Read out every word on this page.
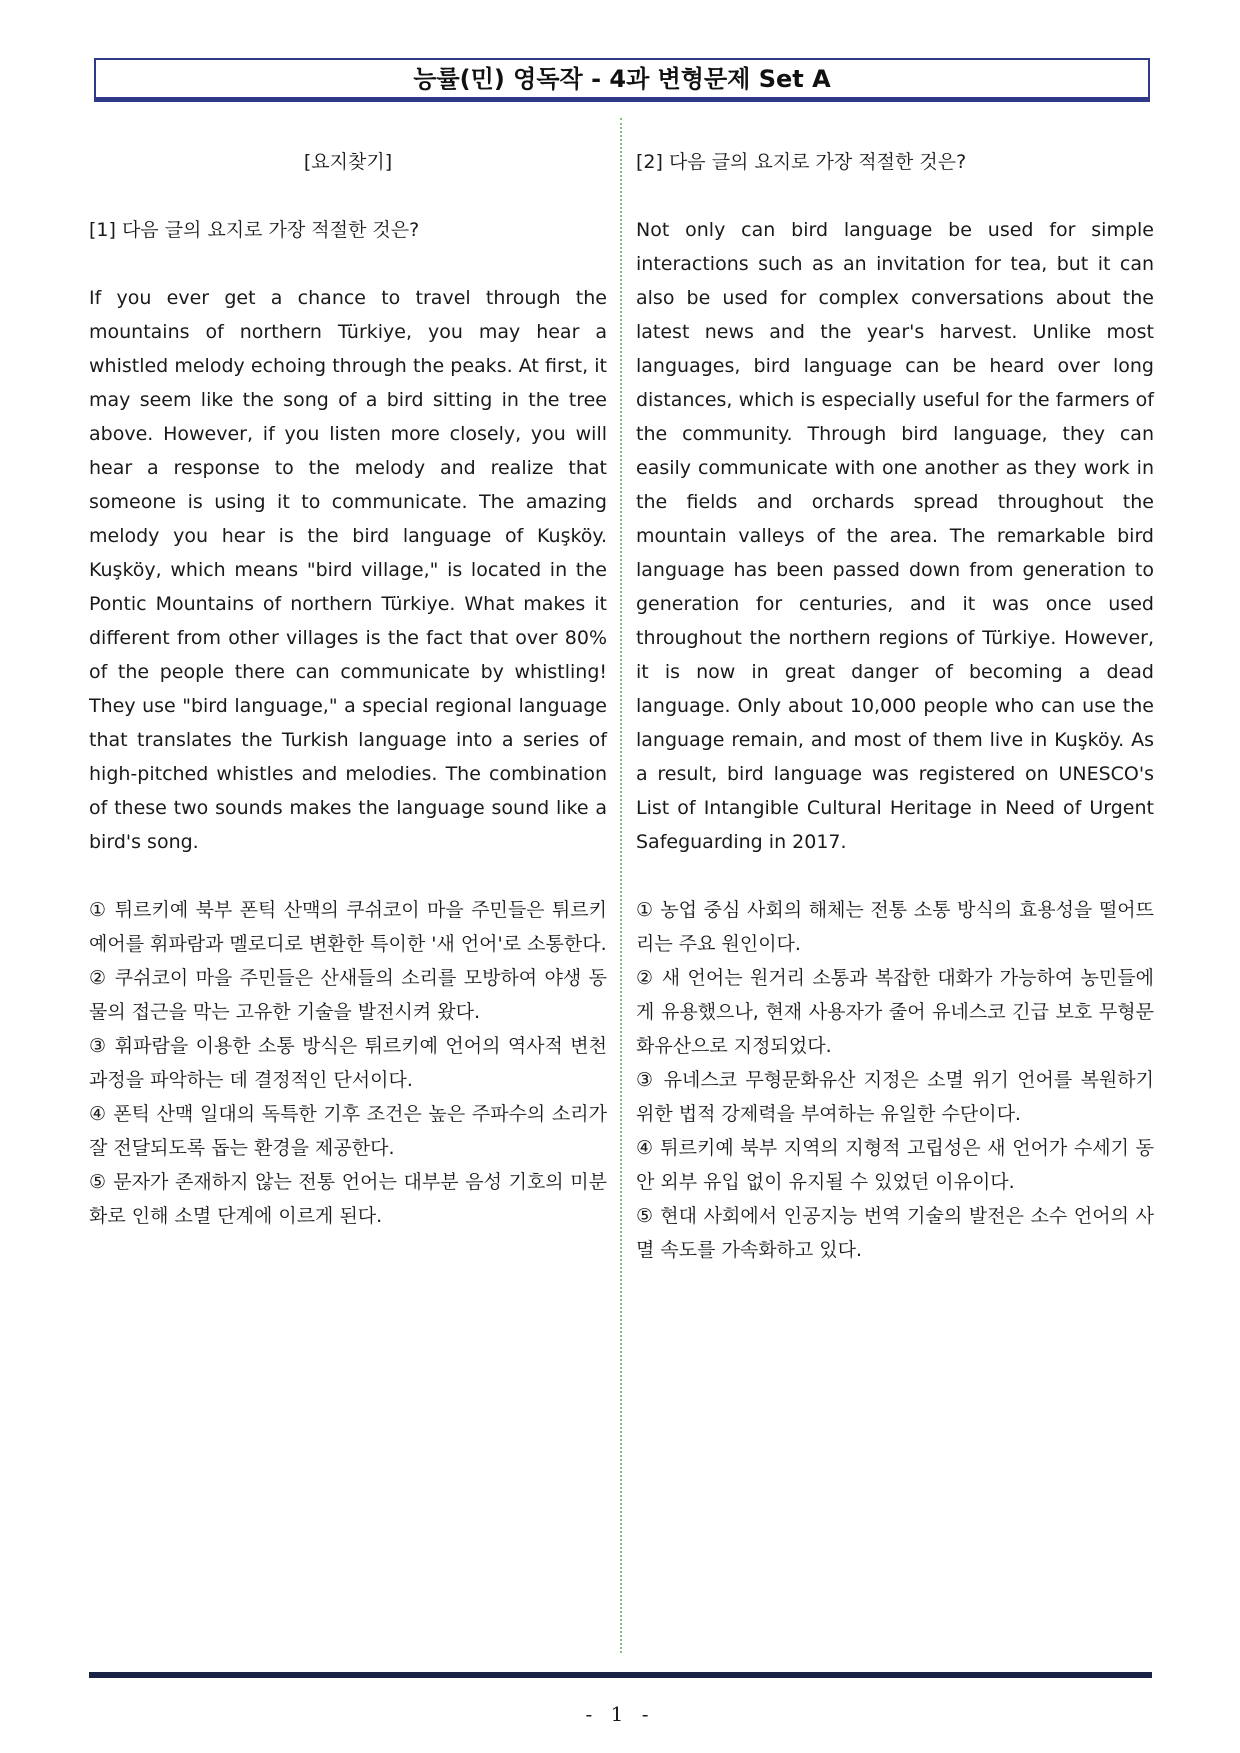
능률(민) 영독작 - 4과 변형문제 Set A
[요지찾기]
[1] 다음 글의 요지로 가장 적절한 것은?
If you ever get a chance to travel through the mountains of northern Türkiye, you may hear a whistled melody echoing through the peaks. At first, it may seem like the song of a bird sitting in the tree above. However, if you listen more closely, you will hear a response to the melody and realize that someone is using it to communicate. The amazing melody you hear is the bird language of Kuşköy. Kuşköy, which means "bird village," is located in the Pontic Mountains of northern Türkiye. What makes it different from other villages is the fact that over 80% of the people there can communicate by whistling! They use "bird language," a special regional language that translates the Turkish language into a series of high-pitched whistles and melodies. The combination of these two sounds makes the language sound like a bird's song.
① 튀르키예 북부 폰틱 산맥의 쿠쉬코이 마을 주민들은 튀르키예어를 휘파람과 멜로디로 변환한 특이한 '새 언어'로 소통한다.
② 쿠쉬코이 마을 주민들은 산새들의 소리를 모방하여 야생 동물의 접근을 막는 고유한 기술을 발전시켜 왔다.
③ 휘파람을 이용한 소통 방식은 튀르키예 언어의 역사적 변천 과정을 파악하는 데 결정적인 단서이다.
④ 폰틱 산맥 일대의 독특한 기후 조건은 높은 주파수의 소리가 잘 전달되도록 돕는 환경을 제공한다.
⑤ 문자가 존재하지 않는 전통 언어는 대부분 음성 기호의 미분화로 인해 소멸 단계에 이르게 된다.
[2] 다음 글의 요지로 가장 적절한 것은?
Not only can bird language be used for simple interactions such as an invitation for tea, but it can also be used for complex conversations about the latest news and the year's harvest. Unlike most languages, bird language can be heard over long distances, which is especially useful for the farmers of the community. Through bird language, they can easily communicate with one another as they work in the fields and orchards spread throughout the mountain valleys of the area. The remarkable bird language has been passed down from generation to generation for centuries, and it was once used throughout the northern regions of Türkiye. However, it is now in great danger of becoming a dead language. Only about 10,000 people who can use the language remain, and most of them live in Kuşköy. As a result, bird language was registered on UNESCO's List of Intangible Cultural Heritage in Need of Urgent Safeguarding in 2017.
① 농업 중심 사회의 해체는 전통 소통 방식의 효용성을 떨어뜨리는 주요 원인이다.
② 새 언어는 원거리 소통과 복잡한 대화가 가능하여 농민들에게 유용했으나, 현재 사용자가 줄어 유네스코 긴급 보호 무형문화유산으로 지정되었다.
③ 유네스코 무형문화유산 지정은 소멸 위기 언어를 복원하기 위한 법적 강제력을 부여하는 유일한 수단이다.
④ 튀르키예 북부 지역의 지형적 고립성은 새 언어가 수세기 동안 외부 유입 없이 유지될 수 있었던 이유이다.
⑤ 현대 사회에서 인공지능 번역 기술의 발전은 소수 언어의 사멸 속도를 가속화하고 있다.
- 1 -
